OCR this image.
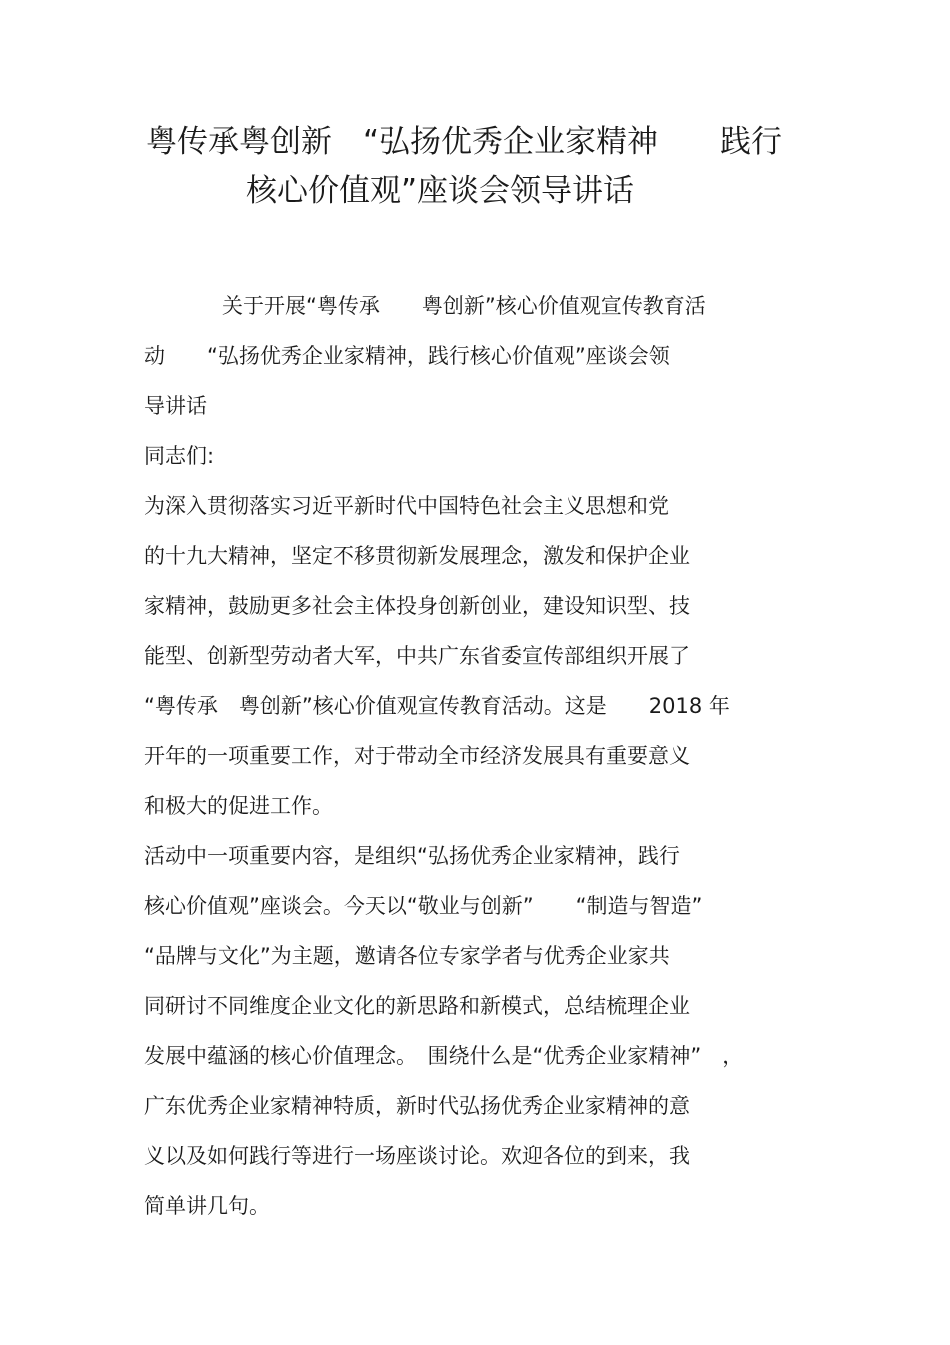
粤传承粤创新　“弘扬优秀企业家精神　　践行
核心价值观”座谈会领导讲话
关于开展“粤传承　　粤创新”核心价值观宣传教育活
动　　“弘扬优秀企业家精神，践行核心价值观”座谈会领
导讲话
同志们:
为深入贯彻落实习近平新时代中国特色社会主义思想和党
的十九大精神，坚定不移贯彻新发展理念，激发和保护企业
家精神，鼓励更多社会主体投身创新创业，建设知识型、技
能型、创新型劳动者大军，中共广东省委宣传部组织开展了
“粤传承　粤创新”核心价值观宣传教育活动。这是　　2018 年
开年的一项重要工作，对于带动全市经济发展具有重要意义
和极大的促进工作。
活动中一项重要内容，是组织“弘扬优秀企业家精神，践行
核心价值观”座谈会。今天以“敬业与创新”　　“制造与智造”
“品牌与文化”为主题，邀请各位专家学者与优秀企业家共
同研讨不同维度企业文化的新思路和新模式，总结梳理企业
发展中蕴涵的核心价值理念。　围绕什么是“优秀企业家精神”　，
广东优秀企业家精神特质，新时代弘扬优秀企业家精神的意
义以及如何践行等进行一场座谈讨论。欢迎各位的到来，我
简单讲几句。
